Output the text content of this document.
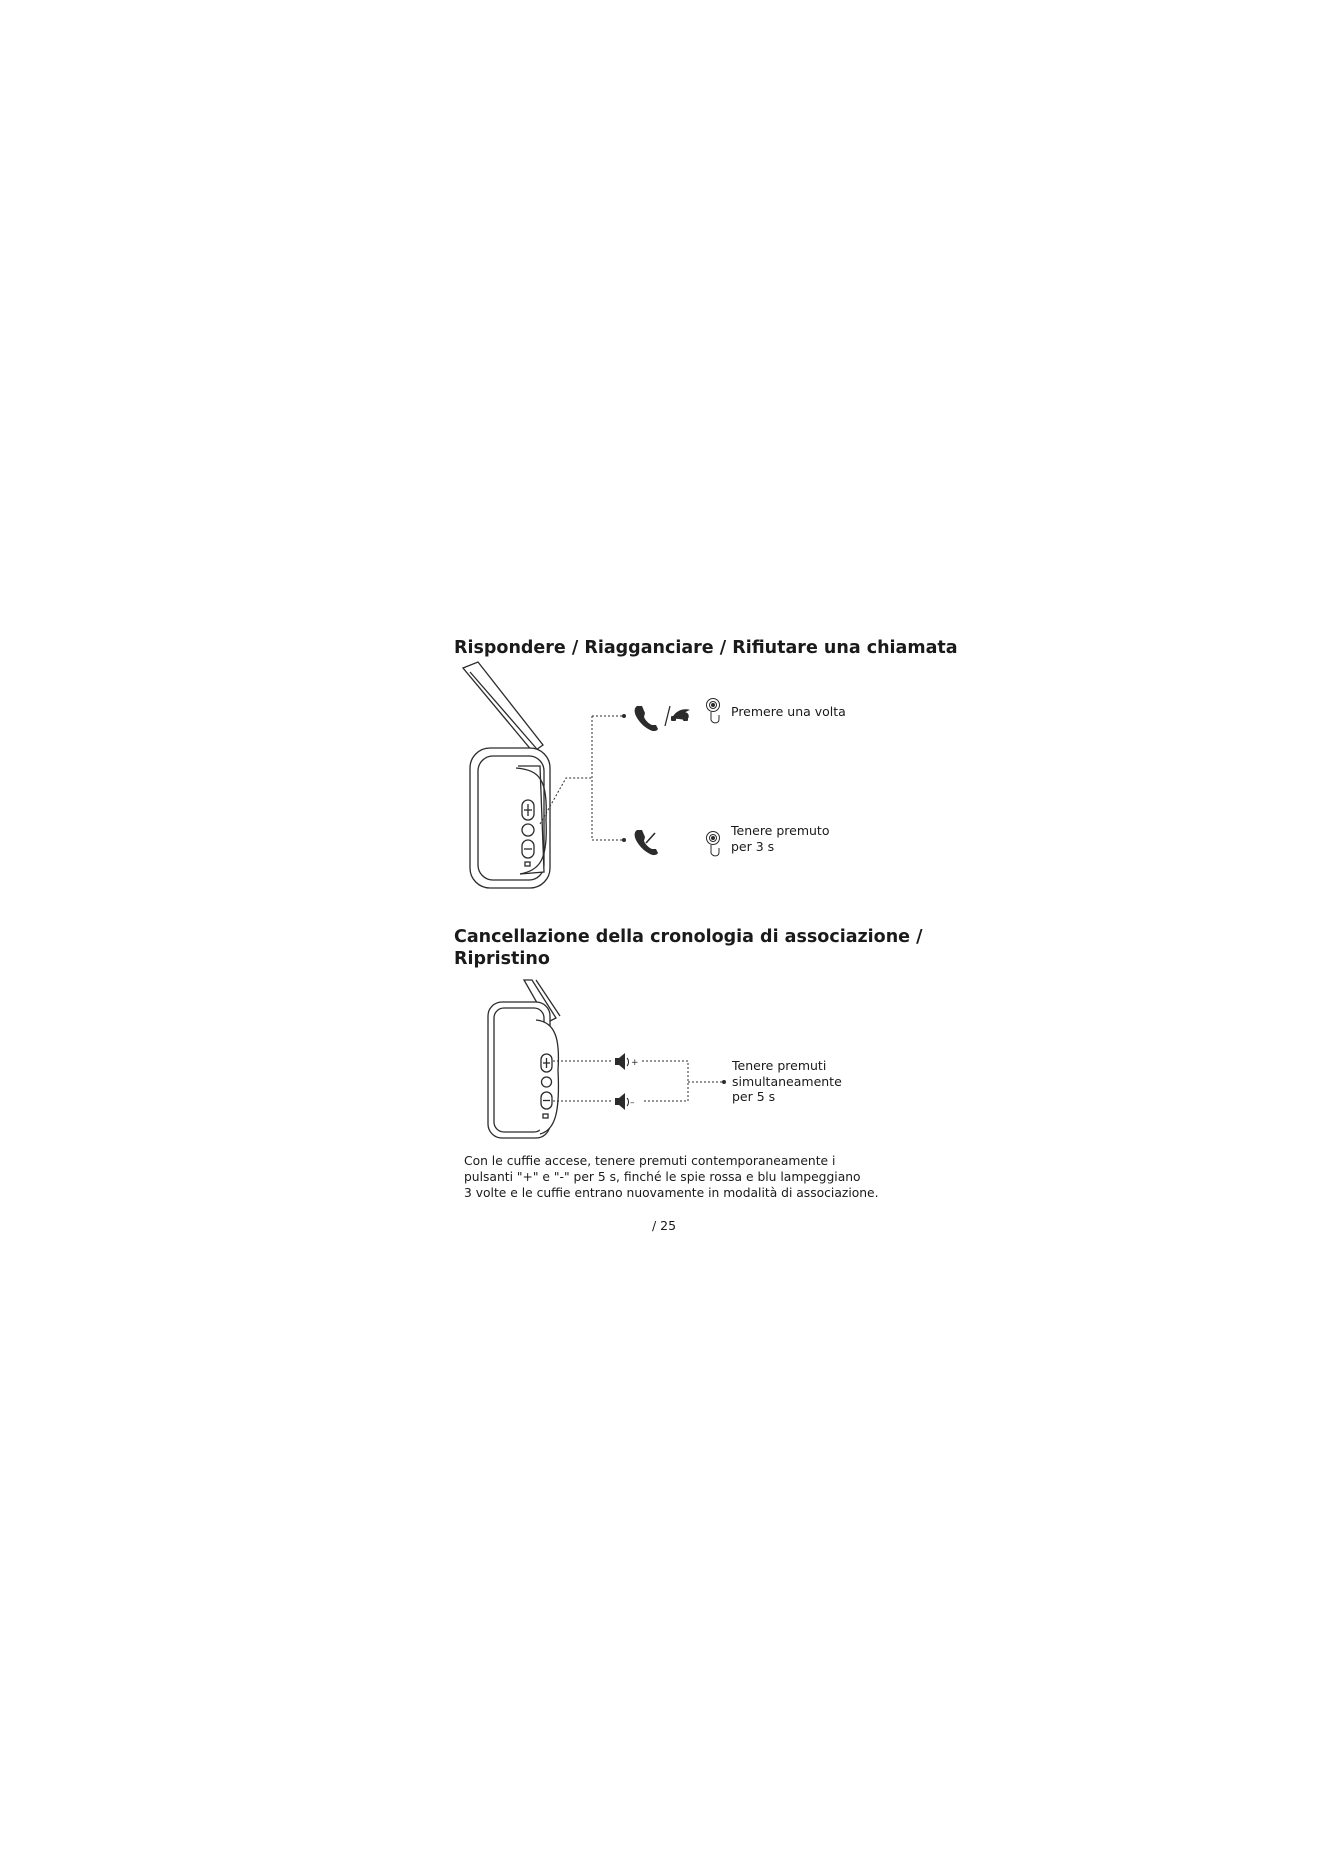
Rispondere / Riagganciare / Rifiutare una chiamata
Cancellazione della cronologia di associazione /
Ripristino
+
–
Premere una volta
Tenere premuto
per 3 s
Tenere premuti
simultaneamente
per 5 s
Con le cuffie accese, tenere premuti contemporaneamente i
pulsanti "+" e "-" per 5 s, finché le spie rossa e blu lampeggiano
3 volte e le cuffie entrano nuovamente in modalità di associazione.
/ 25
